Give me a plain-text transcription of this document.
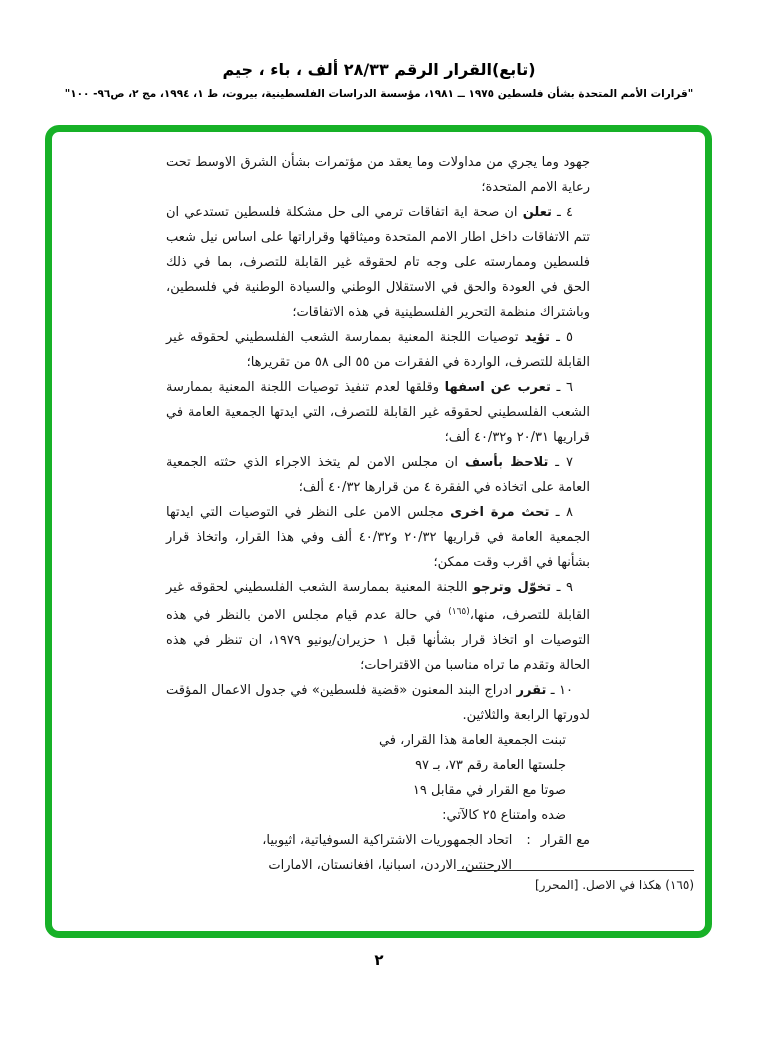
(تابع)القرار الرقم ٢٨/٣٣ ألف ، باء ، جيم
"قرارات الأمم المتحدة بشأن فلسطين ١٩٧٥ ــ ١٩٨١، مؤسسة الدراسات الفلسطينية، بيروت، ط ١، ١٩٩٤، مج ٢، ص٩٦- ١٠٠"

جهود وما يجري من مداولات وما يعقد من مؤتمرات بشأن الشرق الاوسط تحت رعاية الامم المتحدة؛

٤ ـ تعلن ان صحة اية اتفاقات ترمي الى حل مشكلة فلسطين تستدعي ان تتم الاتفاقات داخل اطار الامم المتحدة وميثاقها وقراراتها على اساس نيل شعب فلسطين وممارسته على وجه تام لحقوقه غير القابلة للتصرف، بما في ذلك الحق في العودة والحق في الاستقلال الوطني والسيادة الوطنية في فلسطين، وباشتراك منظمة التحرير الفلسطينية في هذه الاتفاقات؛

٥ ـ تؤيد توصيات اللجنة المعنية بممارسة الشعب الفلسطيني لحقوقه غير القابلة للتصرف، الواردة في الفقرات من ٥٥ الى ٥٨ من تقريرها؛

٦ ـ تعرب عن اسفها وقلقها لعدم تنفيذ توصيات اللجنة المعنية بممارسة الشعب الفلسطيني لحقوقه غير القابلة للتصرف، التي ايدتها الجمعية العامة في قراريها ٢٠/٣١ و٤٠/٣٢ ألف؛

٧ ـ تلاحظ بأسف ان مجلس الامن لم يتخذ الاجراء الذي حثته الجمعية العامة على اتخاذه في الفقرة ٤ من قرارها ٤٠/٣٢ ألف؛

٨ ـ تحث مرة اخرى مجلس الامن على النظر في التوصيات التي ايدتها الجمعية العامة في قراريها ٢٠/٣٢ و٤٠/٣٢ ألف وفي هذا القرار، واتخاذ قرار بشأنها في اقرب وقت ممكن؛

٩ ـ تخوّل وترجو اللجنة المعنية بممارسة الشعب الفلسطيني لحقوقه غير القابلة للتصرف، منها،$^{(١٦٥)}$ في حالة عدم قيام مجلس الامن بالنظر في هذه التوصيات او اتخاذ قرار بشأنها قبل ١ حزيران/يونيو ١٩٧٩، ان تنظر في هذه الحالة وتقدم ما تراه مناسبا من الاقتراحات؛

١٠ ـ تقرر ادراج البند المعنون «قضية فلسطين» في جدول الاعمال المؤقت لدورتها الرابعة والثلاثين.

تبنت الجمعية العامة هذا القرار، في
جلستها العامة رقم ٧٣، بـ ٩٧
صوتا مع القرار في مقابل ١٩
ضده وامتناع ٢٥ كالآتي:
مع القرار:اتحاد الجمهوريات الاشتراكية السوفياتية، اثيوبيا،
الارجنتين، الاردن، اسبانيا، افغانستان، الامارات
(١٦٥) هكذا في الاصل. [المحرر]
٢
